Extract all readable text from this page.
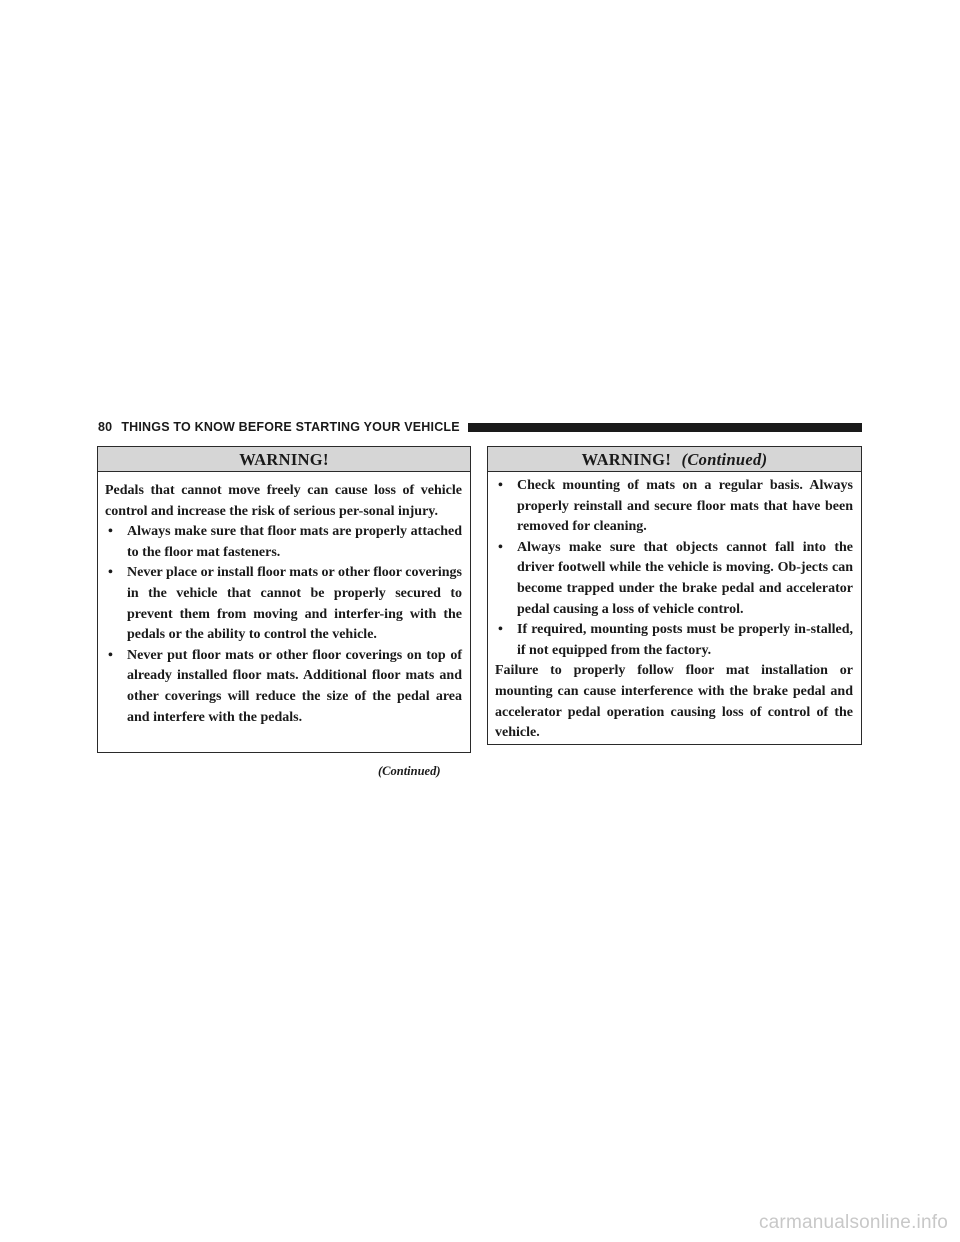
80 THINGS TO KNOW BEFORE STARTING YOUR VEHICLE
WARNING!

Pedals that cannot move freely can cause loss of vehicle control and increase the risk of serious per-sonal injury.

• Always make sure that floor mats are properly attached to the floor mat fasteners.

• Never place or install floor mats or other floor coverings in the vehicle that cannot be properly secured to prevent them from moving and interfer-ing with the pedals or the ability to control the vehicle.

• Never put floor mats or other floor coverings on top of already installed floor mats. Additional floor mats and other coverings will reduce the size of the pedal area and interfere with the pedals.

(Continued)
WARNING! (Continued)

• Check mounting of mats on a regular basis. Always properly reinstall and secure floor mats that have been removed for cleaning.

• Always make sure that objects cannot fall into the driver footwell while the vehicle is moving. Ob-jects can become trapped under the brake pedal and accelerator pedal causing a loss of vehicle control.

• If required, mounting posts must be properly in-stalled, if not equipped from the factory.

Failure to properly follow floor mat installation or mounting can cause interference with the brake pedal and accelerator pedal operation causing loss of control of the vehicle.

carmanualsonline.info
